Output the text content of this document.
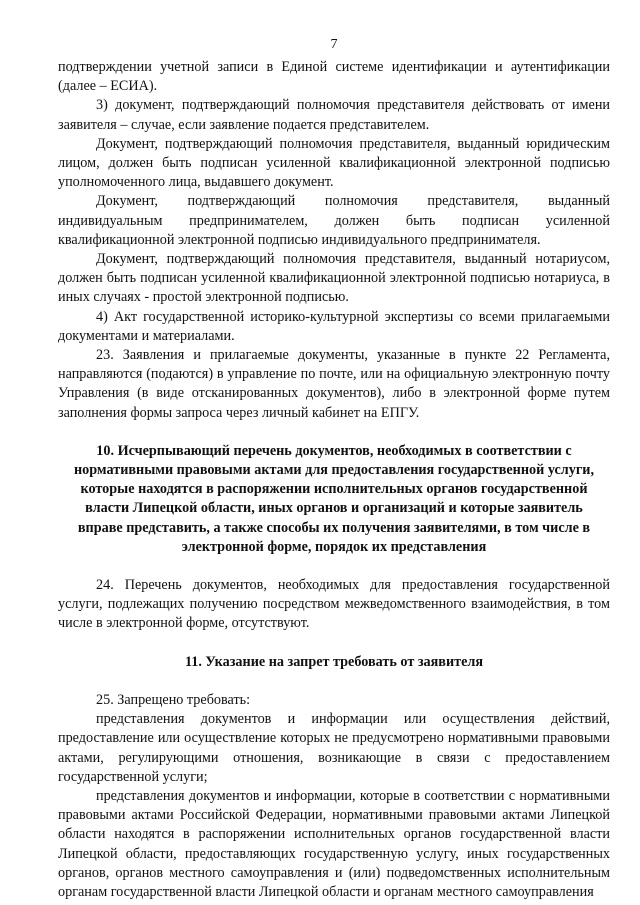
7

подтверждении учетной записи в Единой системе идентификации и аутентификации (далее – ЕСИА).

3) документ, подтверждающий полномочия представителя действовать от имени заявителя – случае, если заявление подается представителем.

Документ, подтверждающий полномочия представителя, выданный юридическим лицом, должен быть подписан усиленной квалификационной электронной подписью уполномоченного лица, выдавшего документ.

Документ, подтверждающий полномочия представителя, выданный индивидуальным предпринимателем, должен быть подписан усиленной квалификационной электронной подписью индивидуального предпринимателя.

Документ, подтверждающий полномочия представителя, выданный нотариусом, должен быть подписан усиленной квалификационной электронной подписью нотариуса, в иных случаях - простой электронной подписью.

4) Акт государственной историко-культурной экспертизы со всеми прилагаемыми документами и материалами.

23. Заявления и прилагаемые документы, указанные в пункте 22 Регламента, направляются (подаются) в управление по почте, или на официальную электронную почту Управления (в виде отсканированных документов), либо в электронной форме путем заполнения формы запроса через личный кабинет на ЕПГУ.

10. Исчерпывающий перечень документов, необходимых в соответствии с нормативными правовыми актами для предоставления государственной услуги, которые находятся в распоряжении исполнительных органов государственной власти Липецкой области, иных органов и организаций и которые заявитель вправе представить, а также способы их получения заявителями, в том числе в электронной форме, порядок их представления

24. Перечень документов, необходимых для предоставления государственной услуги, подлежащих получению посредством межведомственного взаимодействия, в том числе в электронной форме, отсутствуют.

11. Указание на запрет требовать от заявителя

25. Запрещено требовать:

представления документов и информации или осуществления действий, предоставление или осуществление которых не предусмотрено нормативными правовыми актами, регулирующими отношения, возникающие в связи с предоставлением государственной услуги;

представления документов и информации, которые в соответствии с нормативными правовыми актами Российской Федерации, нормативными правовыми актами Липецкой области находятся в распоряжении исполнительных органов государственной власти Липецкой области, предоставляющих государственную услугу, иных государственных органов, органов местного самоуправления и (или) подведомственных исполнительным органам государственной власти Липецкой области и органам местного самоуправления
